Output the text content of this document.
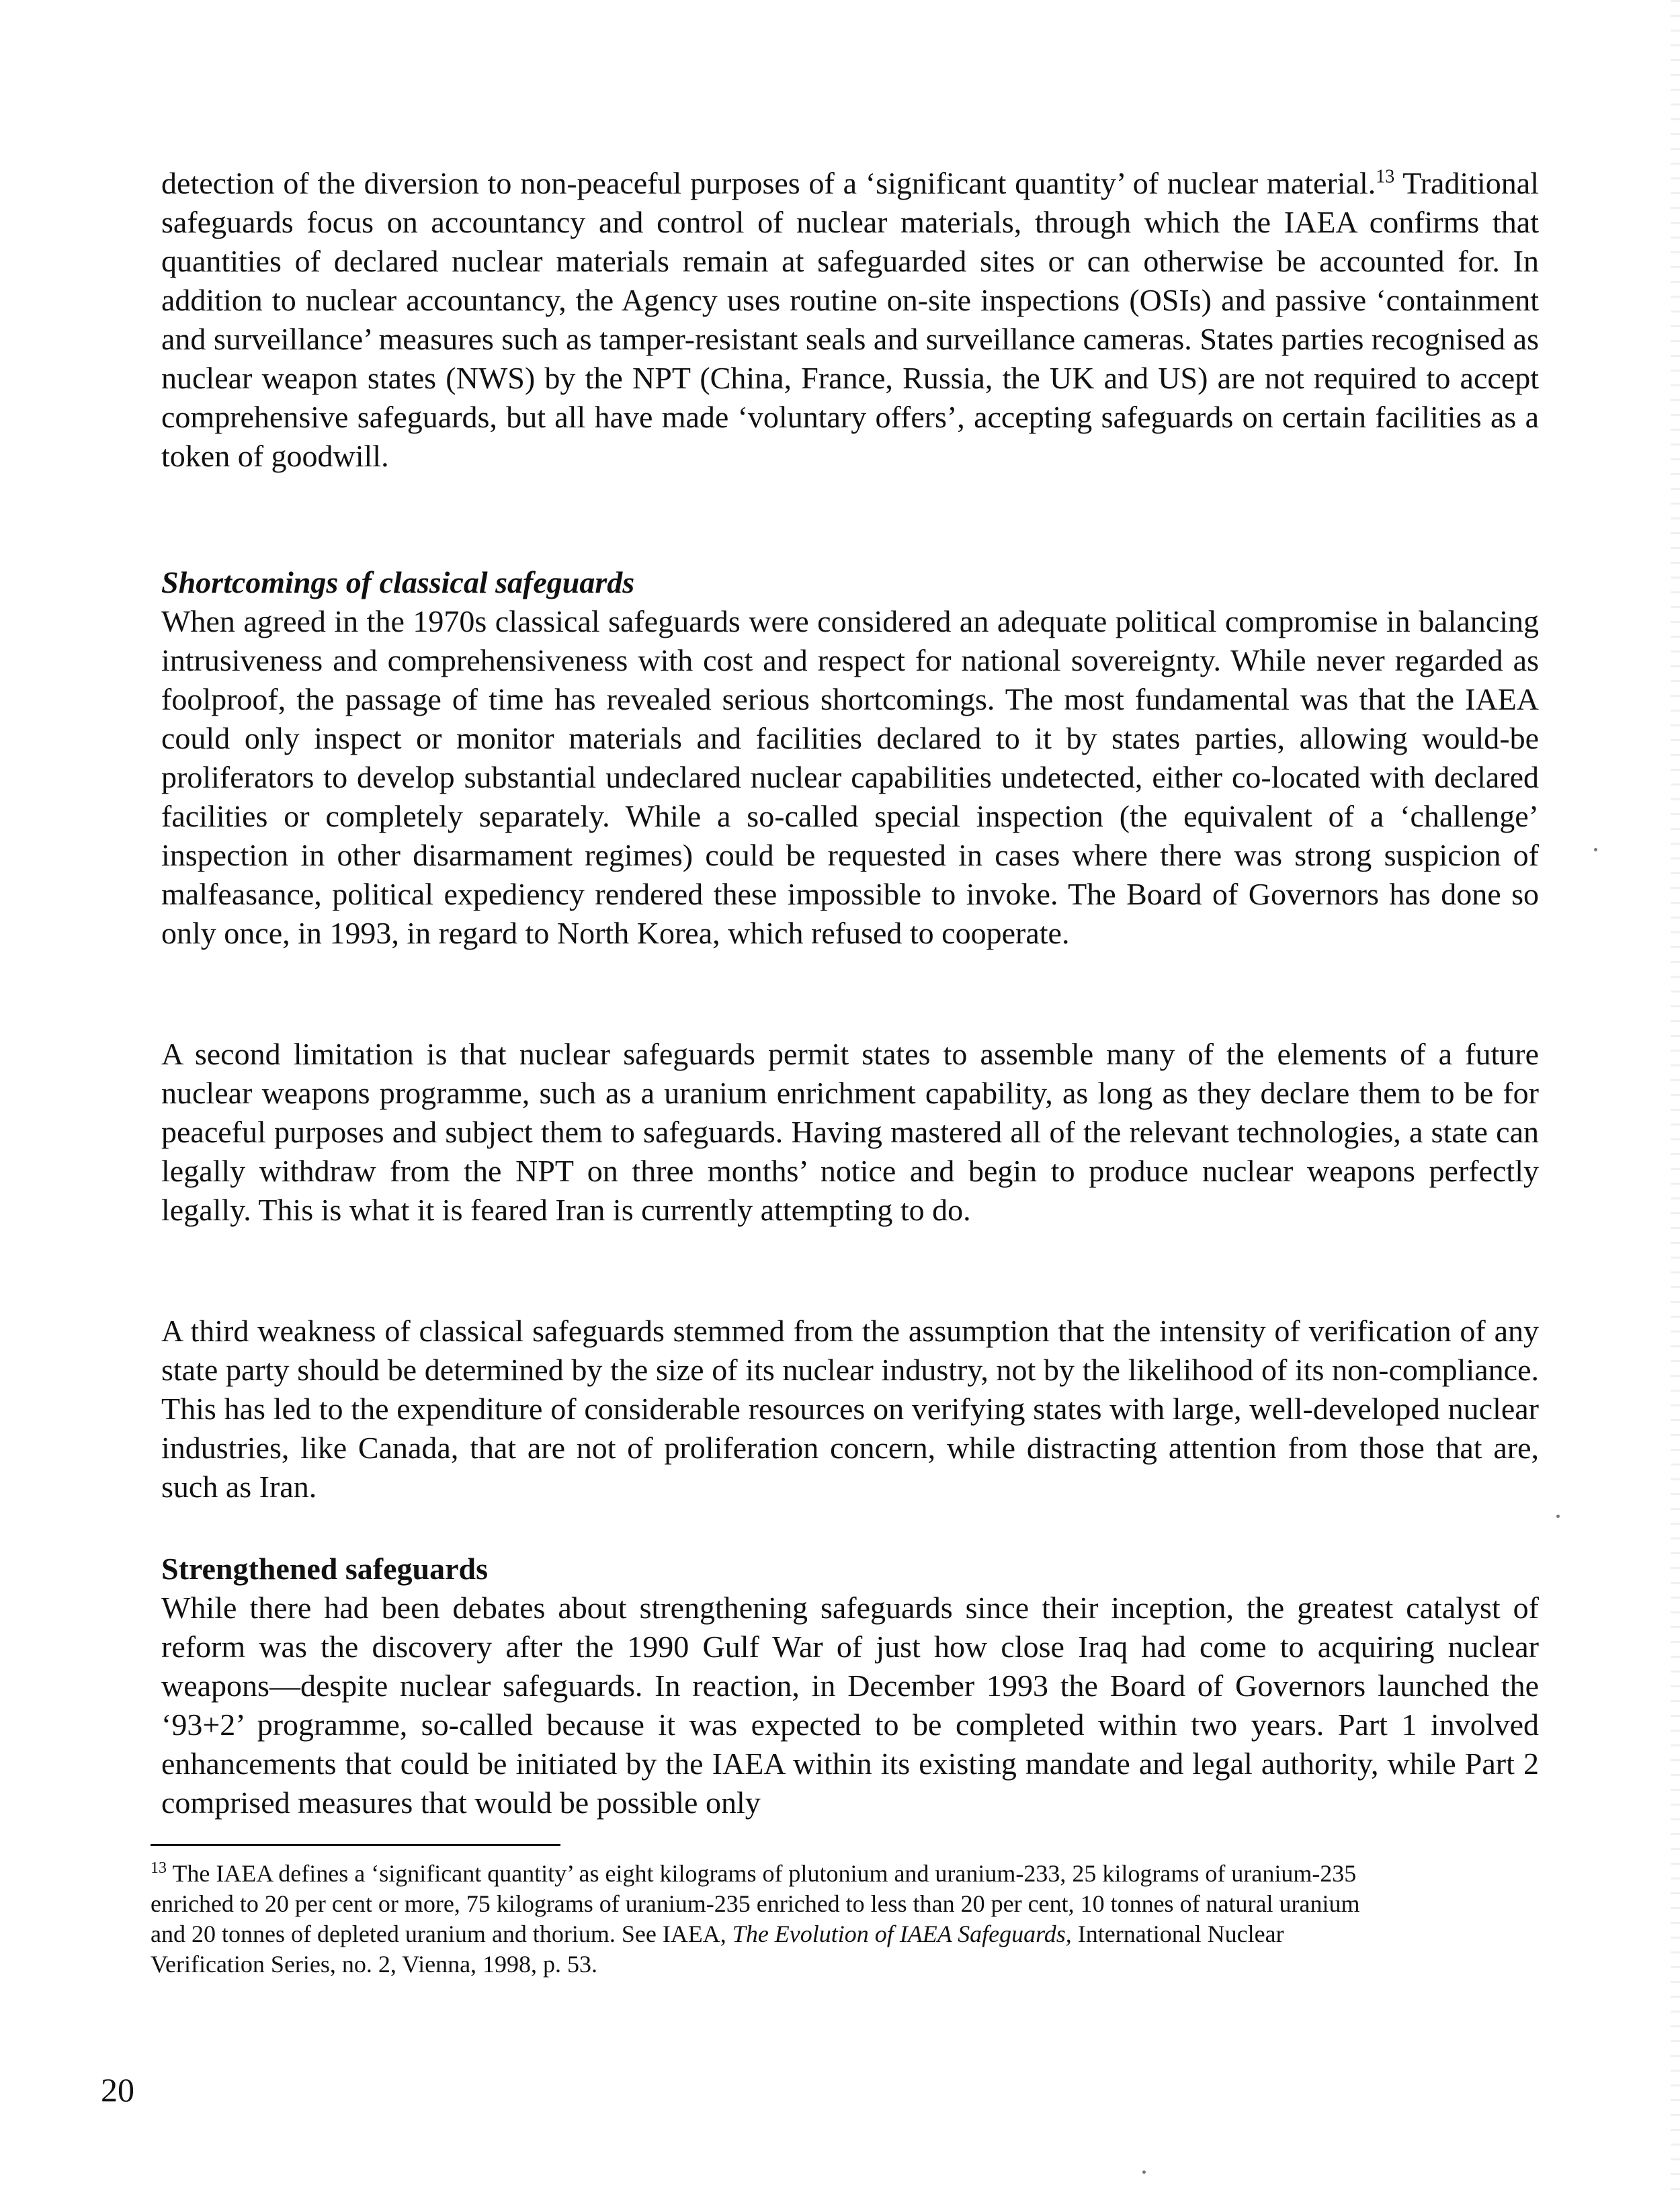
detection of the diversion to non-peaceful purposes of a ‘significant quantity’ of nuclear material.$^{13}$ Traditional safeguards focus on accountancy and control of nuclear materials, through which the IAEA confirms that quantities of declared nuclear materials remain at safeguarded sites or can otherwise be accounted for. In addition to nuclear accountancy, the Agency uses routine on-site inspections (OSIs) and passive ‘containment and surveillance’ measures such as tamper-resistant seals and surveillance cameras. States parties recognised as nuclear weapon states (NWS) by the NPT (China, France, Russia, the UK and US) are not required to accept comprehensive safeguards, but all have made ‘voluntary offers’, accepting safeguards on certain facilities as a token of goodwill.

Shortcomings of classical safeguards

When agreed in the 1970s classical safeguards were considered an adequate political compromise in balancing intrusiveness and comprehensiveness with cost and respect for national sovereignty. While never regarded as foolproof, the passage of time has revealed serious shortcomings. The most fundamental was that the IAEA could only inspect or monitor materials and facilities declared to it by states parties, allowing would-be proliferators to develop substantial undeclared nuclear capabilities undetected, either co-located with declared facilities or completely separately. While a so-called special inspection (the equivalent of a ‘challenge’ inspection in other disarmament regimes) could be requested in cases where there was strong suspicion of malfeasance, political expediency rendered these impossible to invoke. The Board of Governors has done so only once, in 1993, in regard to North Korea, which refused to cooperate.

A second limitation is that nuclear safeguards permit states to assemble many of the elements of a future nuclear weapons programme, such as a uranium enrichment capability, as long as they declare them to be for peaceful purposes and subject them to safeguards. Having mastered all of the relevant technologies, a state can legally withdraw from the NPT on three months’ notice and begin to produce nuclear weapons perfectly legally. This is what it is feared Iran is currently attempting to do.

A third weakness of classical safeguards stemmed from the assumption that the intensity of verification of any state party should be determined by the size of its nuclear industry, not by the likelihood of its non-compliance. This has led to the expenditure of considerable resources on verifying states with large, well-developed nuclear industries, like Canada, that are not of proliferation concern, while distracting attention from those that are, such as Iran.

Strengthened safeguards

While there had been debates about strengthening safeguards since their inception, the greatest catalyst of reform was the discovery after the 1990 Gulf War of just how close Iraq had come to acquiring nuclear weapons—despite nuclear safeguards. In reaction, in December 1993 the Board of Governors launched the ‘93+2’ programme, so-called because it was expected to be completed within two years. Part 1 involved enhancements that could be initiated by the IAEA within its existing mandate and legal authority, while Part 2 comprised measures that would be possible only

$^{13}$ The IAEA defines a ‘significant quantity’ as eight kilograms of plutonium and uranium-233, 25 kilograms of uranium-235 enriched to 20 per cent or more, 75 kilograms of uranium-235 enriched to less than 20 per cent, 10 tonnes of natural uranium and 20 tonnes of depleted uranium and thorium. See IAEA, The Evolution of IAEA Safeguards, International Nuclear Verification Series, no. 2, Vienna, 1998, p. 53.

20
